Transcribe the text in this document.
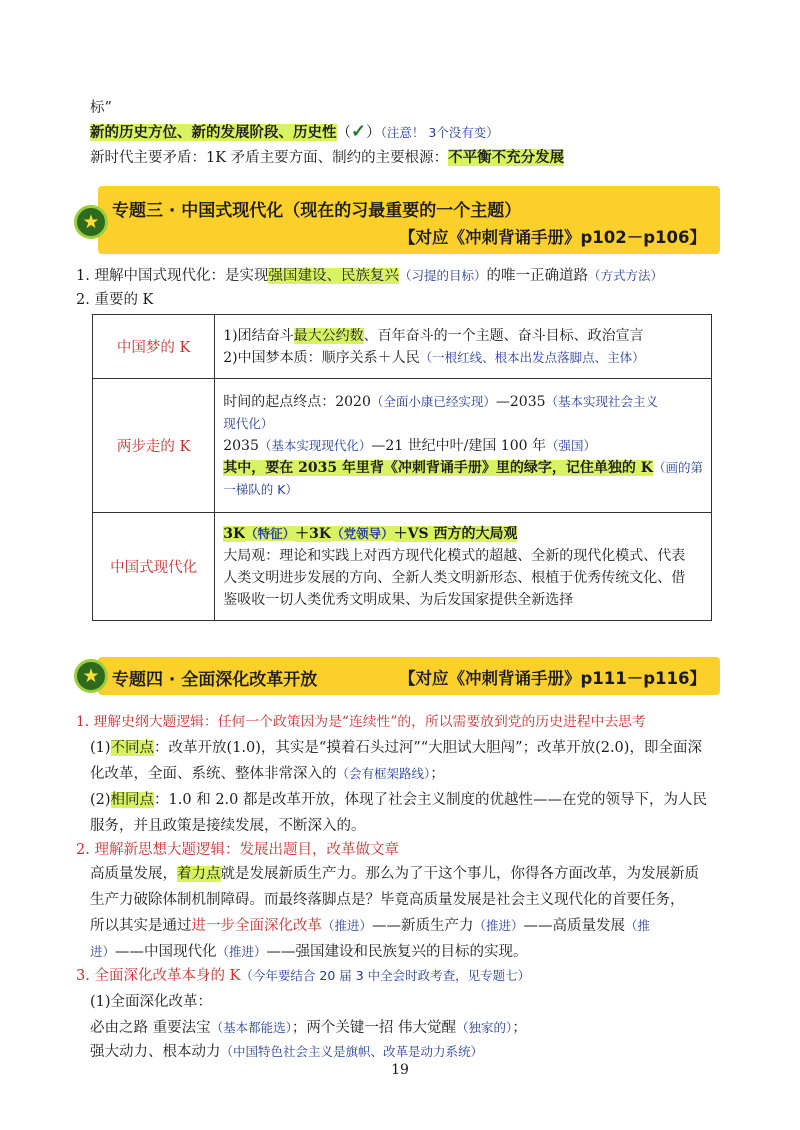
标”
新的历史方位、新的发展阶段、历史性（✓）（注意！ 3个没有变）
新时代主要矛盾：1K 矛盾主要方面、制约的主要根源：不平衡不充分发展
专题三 · 中国式现代化（现在的习最重要的一个主题）
【对应《冲刺背诵手册》p102－p106】
★
1. 理解中国式现代化：是实现强国建设、民族复兴（习提的目标）的唯一正确道路（方式方法）
2. 重要的 K
中国梦的 K	1)团结奋斗最大公约数、百年奋斗的一个主题、奋斗目标、政治宣言
2)中国梦本质：顺序关系＋人民（一根红线、根本出发点落脚点、主体）

两步走的 K	时间的起点终点：2020（全面小康已经实现）—2035（基本实现社会主义
现代化）
2035（基本实现现代化）—21 世纪中叶/建国 100 年（强国）
其中，要在 2035 年里背《冲刺背诵手册》里的绿字，记住单独的 K（画的第
一梯队的 K）

中国式现代化	3K（特征）＋3K（党领导）＋VS 西方的大局观
大局观：理论和实践上对西方现代化模式的超越、全新的现代化模式、代表
人类文明进步发展的方向、全新人类文明新形态、根植于优秀传统文化、借
鉴吸收一切人类优秀文明成果、为后发国家提供全新选择
专题四 · 全面深化改革开放	【对应《冲刺背诵手册》p111－p116】
★
1. 理解史纲大题逻辑：任何一个政策因为是“连续性”的，所以需要放到党的历史进程中去思考
(1)不同点：改革开放(1.0)，其实是“摸着石头过河”“大胆试大胆闯”；改革开放(2.0)，即全面深
化改革，全面、系统、整体非常深入的（会有框架路线）；
(2)相同点：1.0 和 2.0 都是改革开放，体现了社会主义制度的优越性——在党的领导下，为人民
服务，并且政策是接续发展，不断深入的。
2. 理解新思想大题逻辑：发展出题目，改革做文章
高质量发展，着力点就是发展新质生产力。那么为了干这个事儿，你得各方面改革，为发展新质
生产力破除体制机制障碍。而最终落脚点是？毕竟高质量发展是社会主义现代化的首要任务，
所以其实是通过进一步全面深化改革（推进）——新质生产力（推进）——高质量发展（推
进）——中国现代化（推进）——强国建设和民族复兴的目标的实现。
3. 全面深化改革本身的 K（今年要结合 20 届 3 中全会时政考查，见专题七）
(1)全面深化改革：
必由之路 重要法宝（基本都能选）；两个关键一招 伟大觉醒（独家的）；
强大动力、根本动力（中国特色社会主义是旗帜、改革是动力系统）
19
